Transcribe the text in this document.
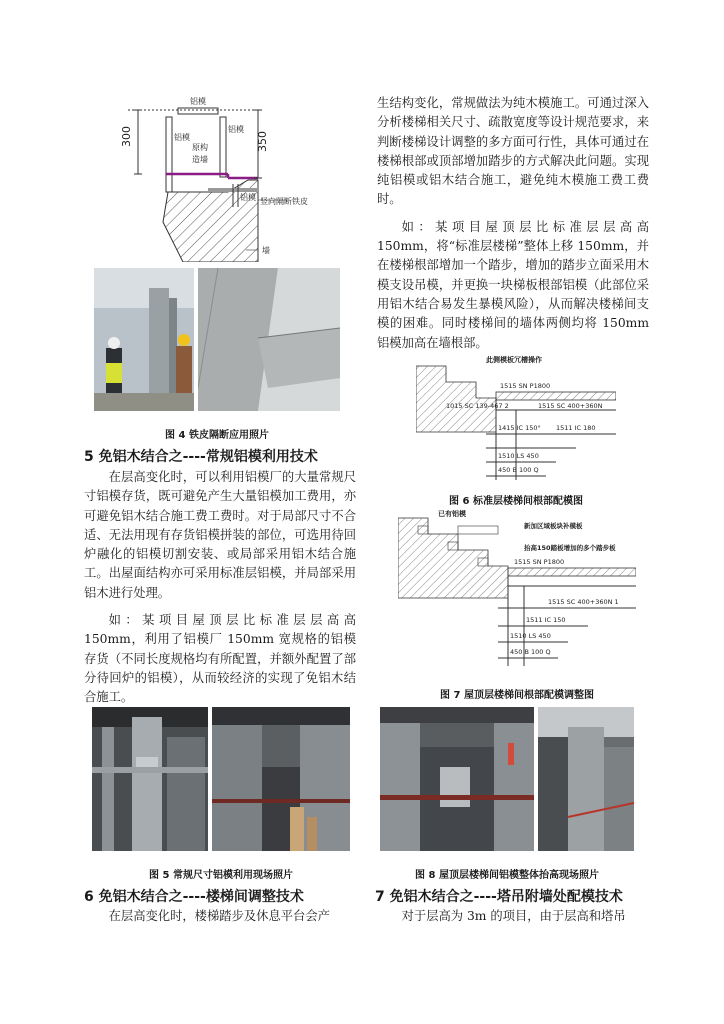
300	350
铝模
铝模
铝模
原构
造墙
铝模 竖向隔断铁皮
墙
图 4 铁皮隔断应用照片
5 免铝木结合之----常规铝模利用技术

在层高变化时，可以利用铝模厂的大量常规尺寸铝模存货，既可避免产生大量铝模加工费用，亦可避免铝木结合施工费工费时。对于局部尺寸不合适、无法用现有存货铝模拼装的部位，可选用待回炉融化的铝模切割安装、或局部采用铝木结合施工。出屋面结构亦可采用标准层铝模，并局部采用铝木进行处理。

如：某项目屋顶层比标准层层高高 150mm，利用了铝模厂 150mm 宽规格的铝模存货（不同长度规格均有所配置，并额外配置了部分待回炉的铝模），从而较经济的实现了免铝木结合施工。

图 5 常规尺寸铝模利用现场照片
6 免铝木结合之----楼梯间调整技术

在层高变化时，楼梯踏步及休息平台会产

生结构变化，常规做法为纯木模施工。可通过深入分析楼梯相关尺寸、疏散宽度等设计规范要求，来判断楼梯设计调整的多方面可行性，具体可通过在楼梯根部或顶部增加踏步的方式解决此问题。实现纯铝模或铝木结合施工，避免纯木模施工费工费时。

如：某项目屋顶层比标准层层高高 150mm，将“标准层楼梯”整体上移 150mm，并在楼梯根部增加一个踏步，增加的踏步立面采用木模支设吊模，并更换一块梯板根部铝模（此部位采用铝木结合易发生暴模风险），从而解决楼梯间支模的困难。同时楼梯间的墙体两侧均将 150mm 铝模加高在墙根部。

此侧模板冗槽操作
1515 SN P1800
1015 SC 139-467 2	1515 SC 400+360N
1415 IC 150° 1511 IC 180
1510 LS 450
450 B 100 Q
图 6 标准层楼梯间根部配模图
已有铝模
新加区域板块补模板
抬高150踏板增加的多个踏步板
1515 SN P1800
1515 SC 400+360N 1
1511 IC 150
1510 LS 450
450 B 100 Q
图 7 屋顶层楼梯间根部配模调整图
图 8 屋顶层楼梯间铝模整体抬高现场照片
7 免铝木结合之----塔吊附墙处配模技术

对于层高为 3m 的项目，由于层高和塔吊
